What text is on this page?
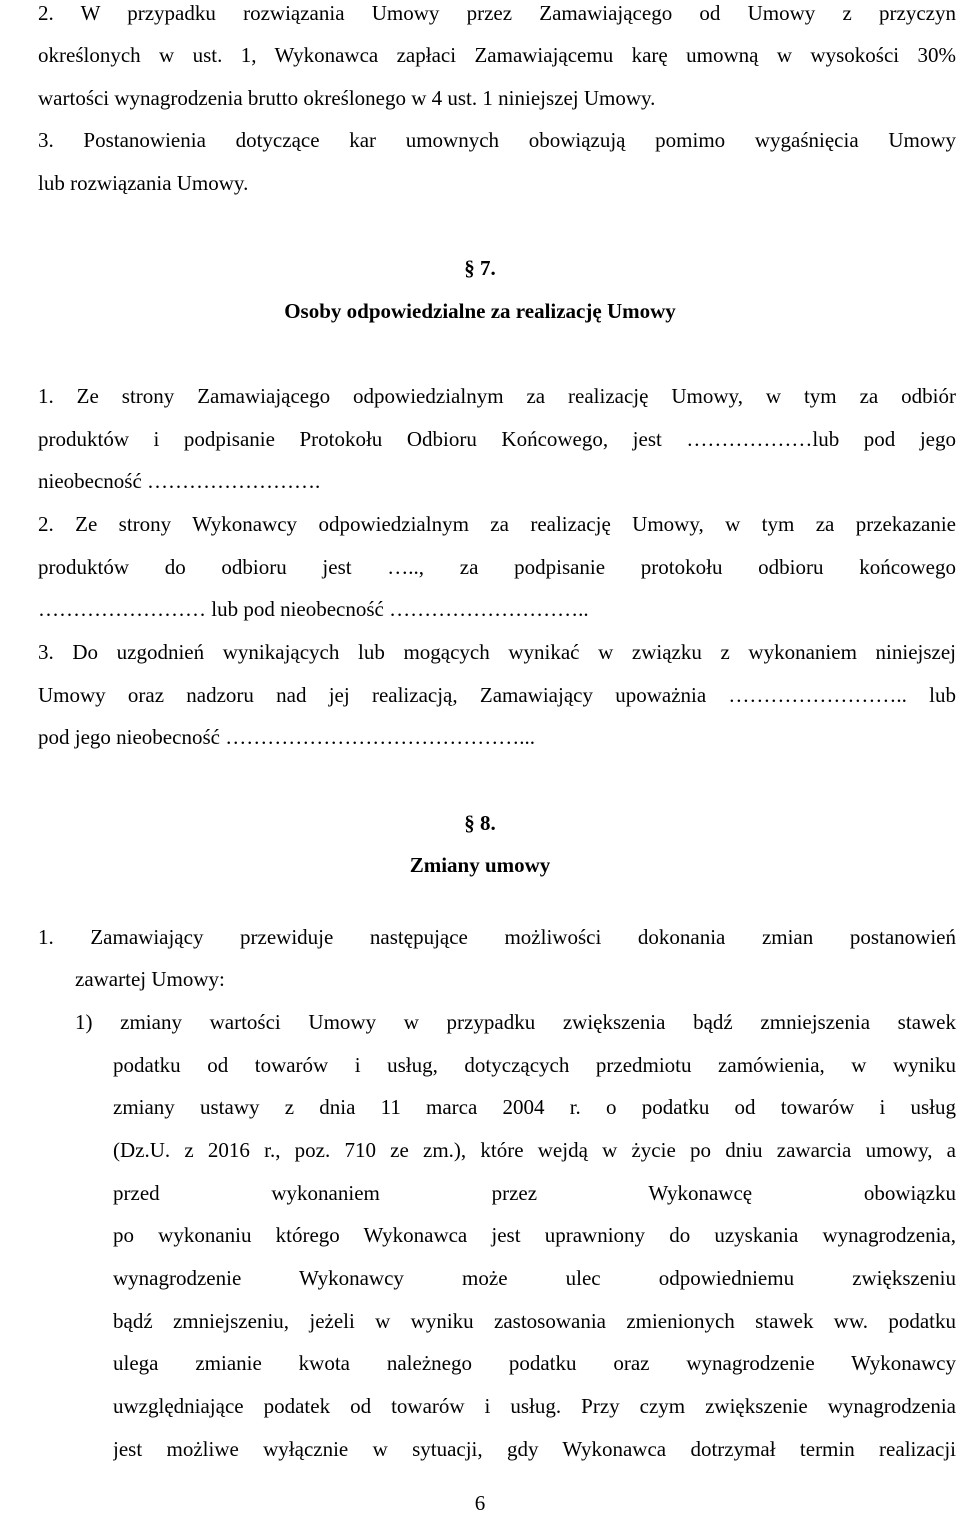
2. W przypadku rozwiązania Umowy przez Zamawiającego od Umowy z przyczyn
określonych w ust. 1, Wykonawca zapłaci Zamawiającemu karę umowną w wysokości 30%
wartości wynagrodzenia brutto określonego w 4 ust. 1 niniejszej Umowy.
3. Postanowienia dotyczące kar umownych obowiązują pomimo wygaśnięcia Umowy
lub rozwiązania Umowy.
§ 7.
Osoby odpowiedzialne za realizację Umowy
1. Ze strony Zamawiającego odpowiedzialnym za realizację Umowy, w tym za odbiór
produktów i podpisanie Protokołu Odbioru Końcowego, jest ………………lub pod jego
nieobecność …………………….
2. Ze strony Wykonawcy odpowiedzialnym za realizację Umowy, w tym za przekazanie
produktów do odbioru jest ….., za podpisanie protokołu odbioru końcowego
…………………… lub pod nieobecność ………………………..
3. Do uzgodnień wynikających lub mogących wynikać w związku z wykonaniem niniejszej
Umowy oraz nadzoru nad jej realizacją, Zamawiający upoważnia …………………….. lub
pod jego nieobecność ……………………………………...
§ 8.
Zmiany umowy
1. Zamawiający przewiduje następujące możliwości dokonania zmian postanowień
zawartej Umowy:
1) zmiany wartości Umowy w przypadku zwiększenia bądź zmniejszenia stawek
podatku od towarów i usług, dotyczących przedmiotu zamówienia, w wyniku
zmiany ustawy z dnia 11 marca 2004 r. o podatku od towarów i usług
(Dz.U. z 2016 r., poz. 710 ze zm.), które wejdą w życie po dniu zawarcia umowy, a
przed wykonaniem przez Wykonawcę obowiązku
po wykonaniu którego Wykonawca jest uprawniony do uzyskania wynagrodzenia,
wynagrodzenie Wykonawcy może ulec odpowiedniemu zwiększeniu
bądź zmniejszeniu, jeżeli w wyniku zastosowania zmienionych stawek ww. podatku
ulega zmianie kwota należnego podatku oraz wynagrodzenie Wykonawcy
uwzględniające podatek od towarów i usług. Przy czym zwiększenie wynagrodzenia
jest możliwe wyłącznie w sytuacji, gdy Wykonawca dotrzymał termin realizacji
6
